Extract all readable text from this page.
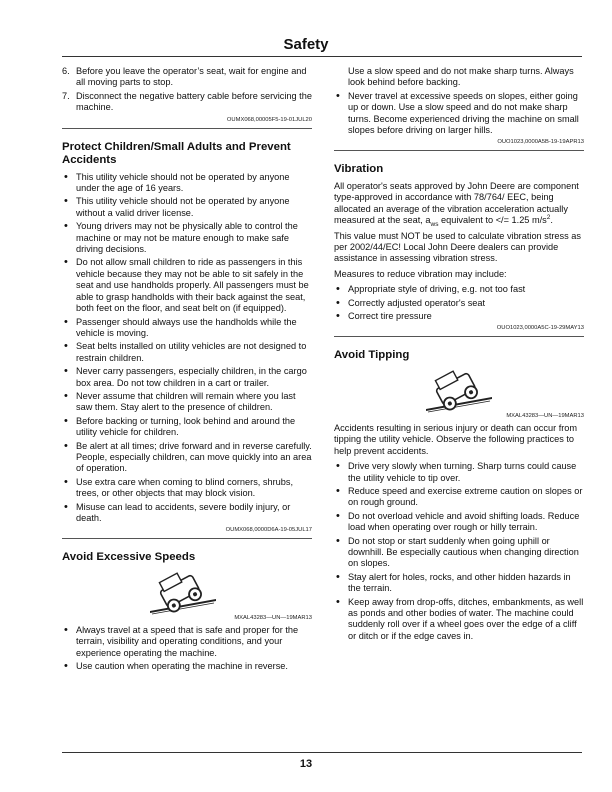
Safety
6. Before you leave the operator’s seat, wait for engine and all moving parts to stop.
7. Disconnect the negative battery cable before servicing the machine.
OUMX068,00005F5-19-01JUL20
Protect Children/Small Adults and Prevent Accidents
• This utility vehicle should not be operated by anyone under the age of 16 years.
• This utility vehicle should not be operated by anyone without a valid driver license.
• Young drivers may not be physically able to control the machine or may not be mature enough to make safe driving decisions.
• Do not allow small children to ride as passengers in this vehicle because they may not be able to sit safely in the seat and use handholds properly. All passengers must be able to grasp handholds with their back against the seat, both feet on the floor, and seat belt on (if equipped).
• Passenger should always use the handholds while the vehicle is moving.
• Seat belts installed on utility vehicles are not designed to restrain children.
• Never carry passengers, especially children, in the cargo box area. Do not tow children in a cart or trailer.
• Never assume that children will remain where you last saw them. Stay alert to the presence of children.
• Before backing or turning, look behind and around the utility vehicle for children.
• Be alert at all times; drive forward and in reverse carefully. People, especially children, can move quickly into an area of operation.
• Use extra care when coming to blind corners, shrubs, trees, or other objects that may block vision.
• Misuse can lead to accidents, severe bodily injury, or death.
OUMX068,0000D6A-19-05JUL17
Avoid Excessive Speeds
MXAL43283—UN—19MAR13
• Always travel at a speed that is safe and proper for the terrain, visibility and operating conditions, and your experience operating the machine.
• Use caution when operating the machine in reverse.
Use a slow speed and do not make sharp turns. Always look behind before backing.
• Never travel at excessive speeds on slopes, either going up or down. Use a slow speed and do not make sharp turns. Become experienced driving the machine on small slopes before driving on larger hills.
OUO1023,0000A5B-19-19APR13
Vibration

All operator's seats approved by John Deere are component type-approved in accordance with 78/764/ EEC, being allocated an average of the vibration acceleration actually measured at the seat, $a_{ws}$ equivalent to </= 1.25 $m/s^2$.

This value must NOT be used to calculate vibration stress as per 2002/44/EC! Local John Deere dealers can provide assistance in assessing vibration stress.

Measures to reduce vibration may include:

• Appropriate style of driving, e.g. not too fast
• Correctly adjusted operator's seat
• Correct tire pressure
OUO1023,0000A5C-19-29MAY13
Avoid Tipping
MXAL43283—UN—19MAR13

Accidents resulting in serious injury or death can occur from tipping the utility vehicle. Observe the following practices to help prevent accidents.

• Drive very slowly when turning. Sharp turns could cause the utility vehicle to tip over.
• Reduce speed and exercise extreme caution on slopes or on rough ground.
• Do not overload vehicle and avoid shifting loads. Reduce load when operating over rough or hilly terrain.
• Do not stop or start suddenly when going uphill or downhill. Be especially cautious when changing direction on slopes.
• Stay alert for holes, rocks, and other hidden hazards in the terrain.
• Keep away from drop-offs, ditches, embankments, as well as ponds and other bodies of water. The machine could suddenly roll over if a wheel goes over the edge of a cliff or ditch or if the edge caves in.
13
